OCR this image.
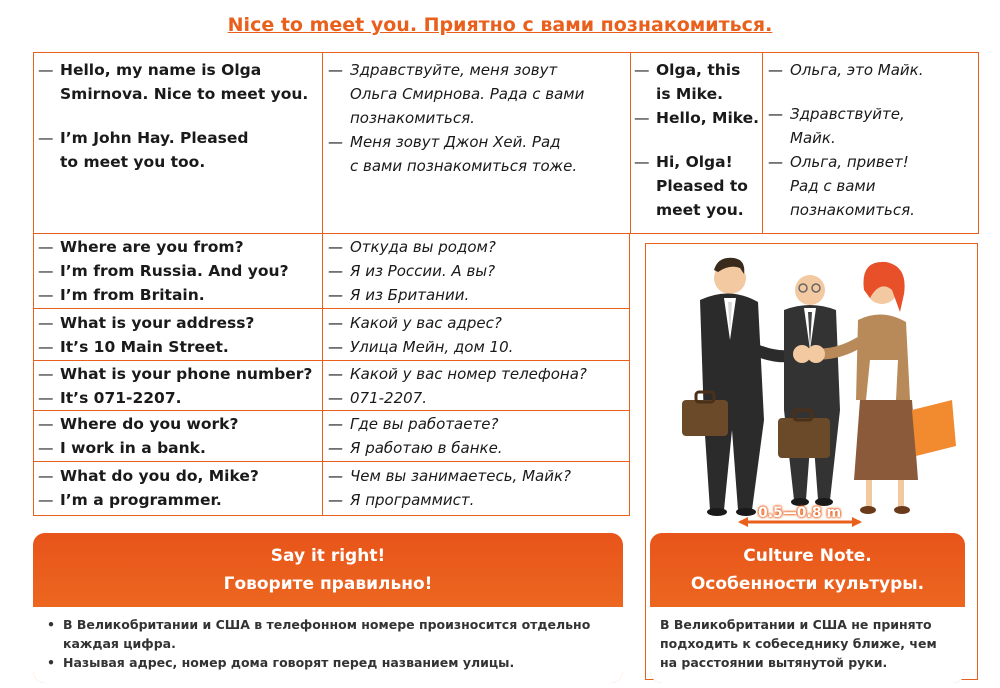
Nice to meet you. Приятно с вами познакомиться.
— Hello, my name is Olga
Smirnova. Nice to meet you.
— I’m John Hay. Pleased
to meet you too.
— Здравствуйте, меня зовут
Ольга Смирнова. Рада с вами
познакомиться.
— Меня зовут Джон Хей. Рад
с вами познакомиться тоже.
— Olga, this
is Mike.
— Hello, Mike.
— Hi, Olga!
Pleased to
meet you.
— Ольга, это Майк.
— Здравствуйте,
Майк.
— Ольга, привет!
Рад с вами
познакомиться.
— Where are you from?
— I’m from Russia. And you?
— I’m from Britain.
— Откуда вы родом?
— Я из России. А вы?
— Я из Британии.
— What is your address?
— It’s 10 Main Street.
— Какой у вас адрес?
— Улица Мейн, дом 10.
— What is your phone number?
— It’s 071-2207.
— Какой у вас номер телефона?
— 071-2207.
— Where do you work?
— I work in a bank.
— Где вы работаете?
— Я работаю в банке.
— What do you do, Mike?
— I’m a programmer.
— Чем вы занимаетесь, Майк?
— Я программист.
0.5—0.8 m
Say it right!
Говорите правильно!
• В Великобритании и США в телефонном номере произносится отдельно
каждая цифра.
• Называя адрес, номер дома говорят перед названием улицы.
Culture Note.
Особенности культуры.
В Великобритании и США не принято
подходить к собеседнику ближе, чем
на расстоянии вытянутой руки.
